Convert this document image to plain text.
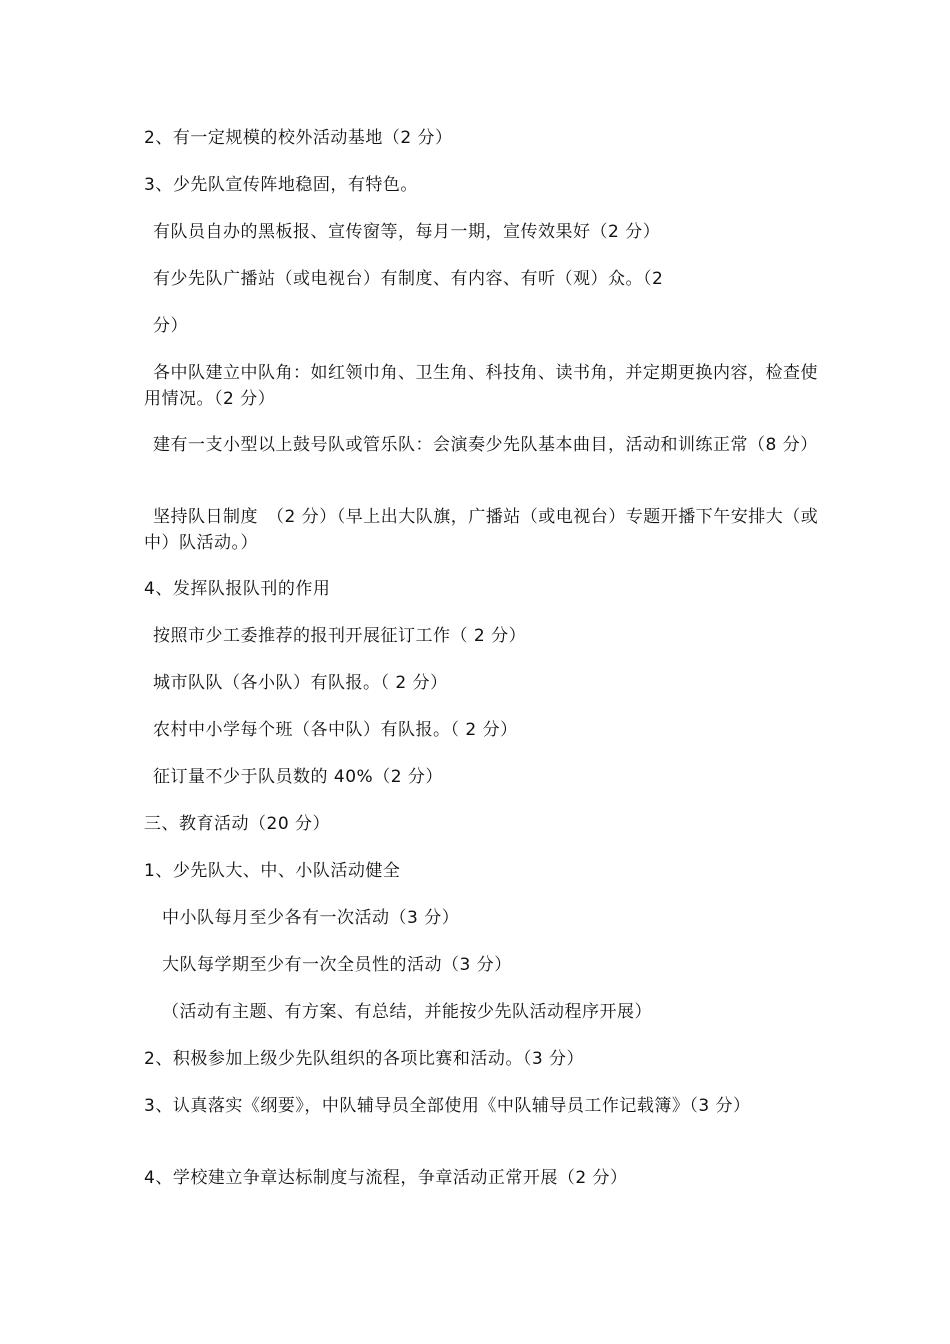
2、有一定规模的校外活动基地（2 分）
3、少先队宣传阵地稳固，有特色。
有队员自办的黑板报、宣传窗等，每月一期，宣传效果好（2 分）
有少先队广播站（或电视台）有制度、有内容、有听（观）众。（2
分）
各中队建立中队角：如红领巾角、卫生角、科技角、读书角，并定期更换内容，检查使用情况。（2 分）
建有一支小型以上鼓号队或管乐队：会演奏少先队基本曲目，活动和训练正常（8 分）
坚持队日制度　（2 分）（早上出大队旗，广播站（或电视台）专题开播下午安排大（或中）队活动。）
4、发挥队报队刊的作用
按照市少工委推荐的报刊开展征订工作（ 2 分）
城市队队（各小队）有队报。（ 2 分）
农村中小学每个班（各中队）有队报。（ 2 分）
征订量不少于队员数的 40%（2 分）
三、教育活动（20 分）
1、少先队大、中、小队活动健全
中小队每月至少各有一次活动（3 分）
大队每学期至少有一次全员性的活动（3 分）
（活动有主题、有方案、有总结，并能按少先队活动程序开展）
2、积极参加上级少先队组织的各项比赛和活动。（3 分）
3、认真落实《纲要》，中队辅导员全部使用《中队辅导员工作记载簿》（3 分）
4、学校建立争章达标制度与流程，争章活动正常开展（2 分）
